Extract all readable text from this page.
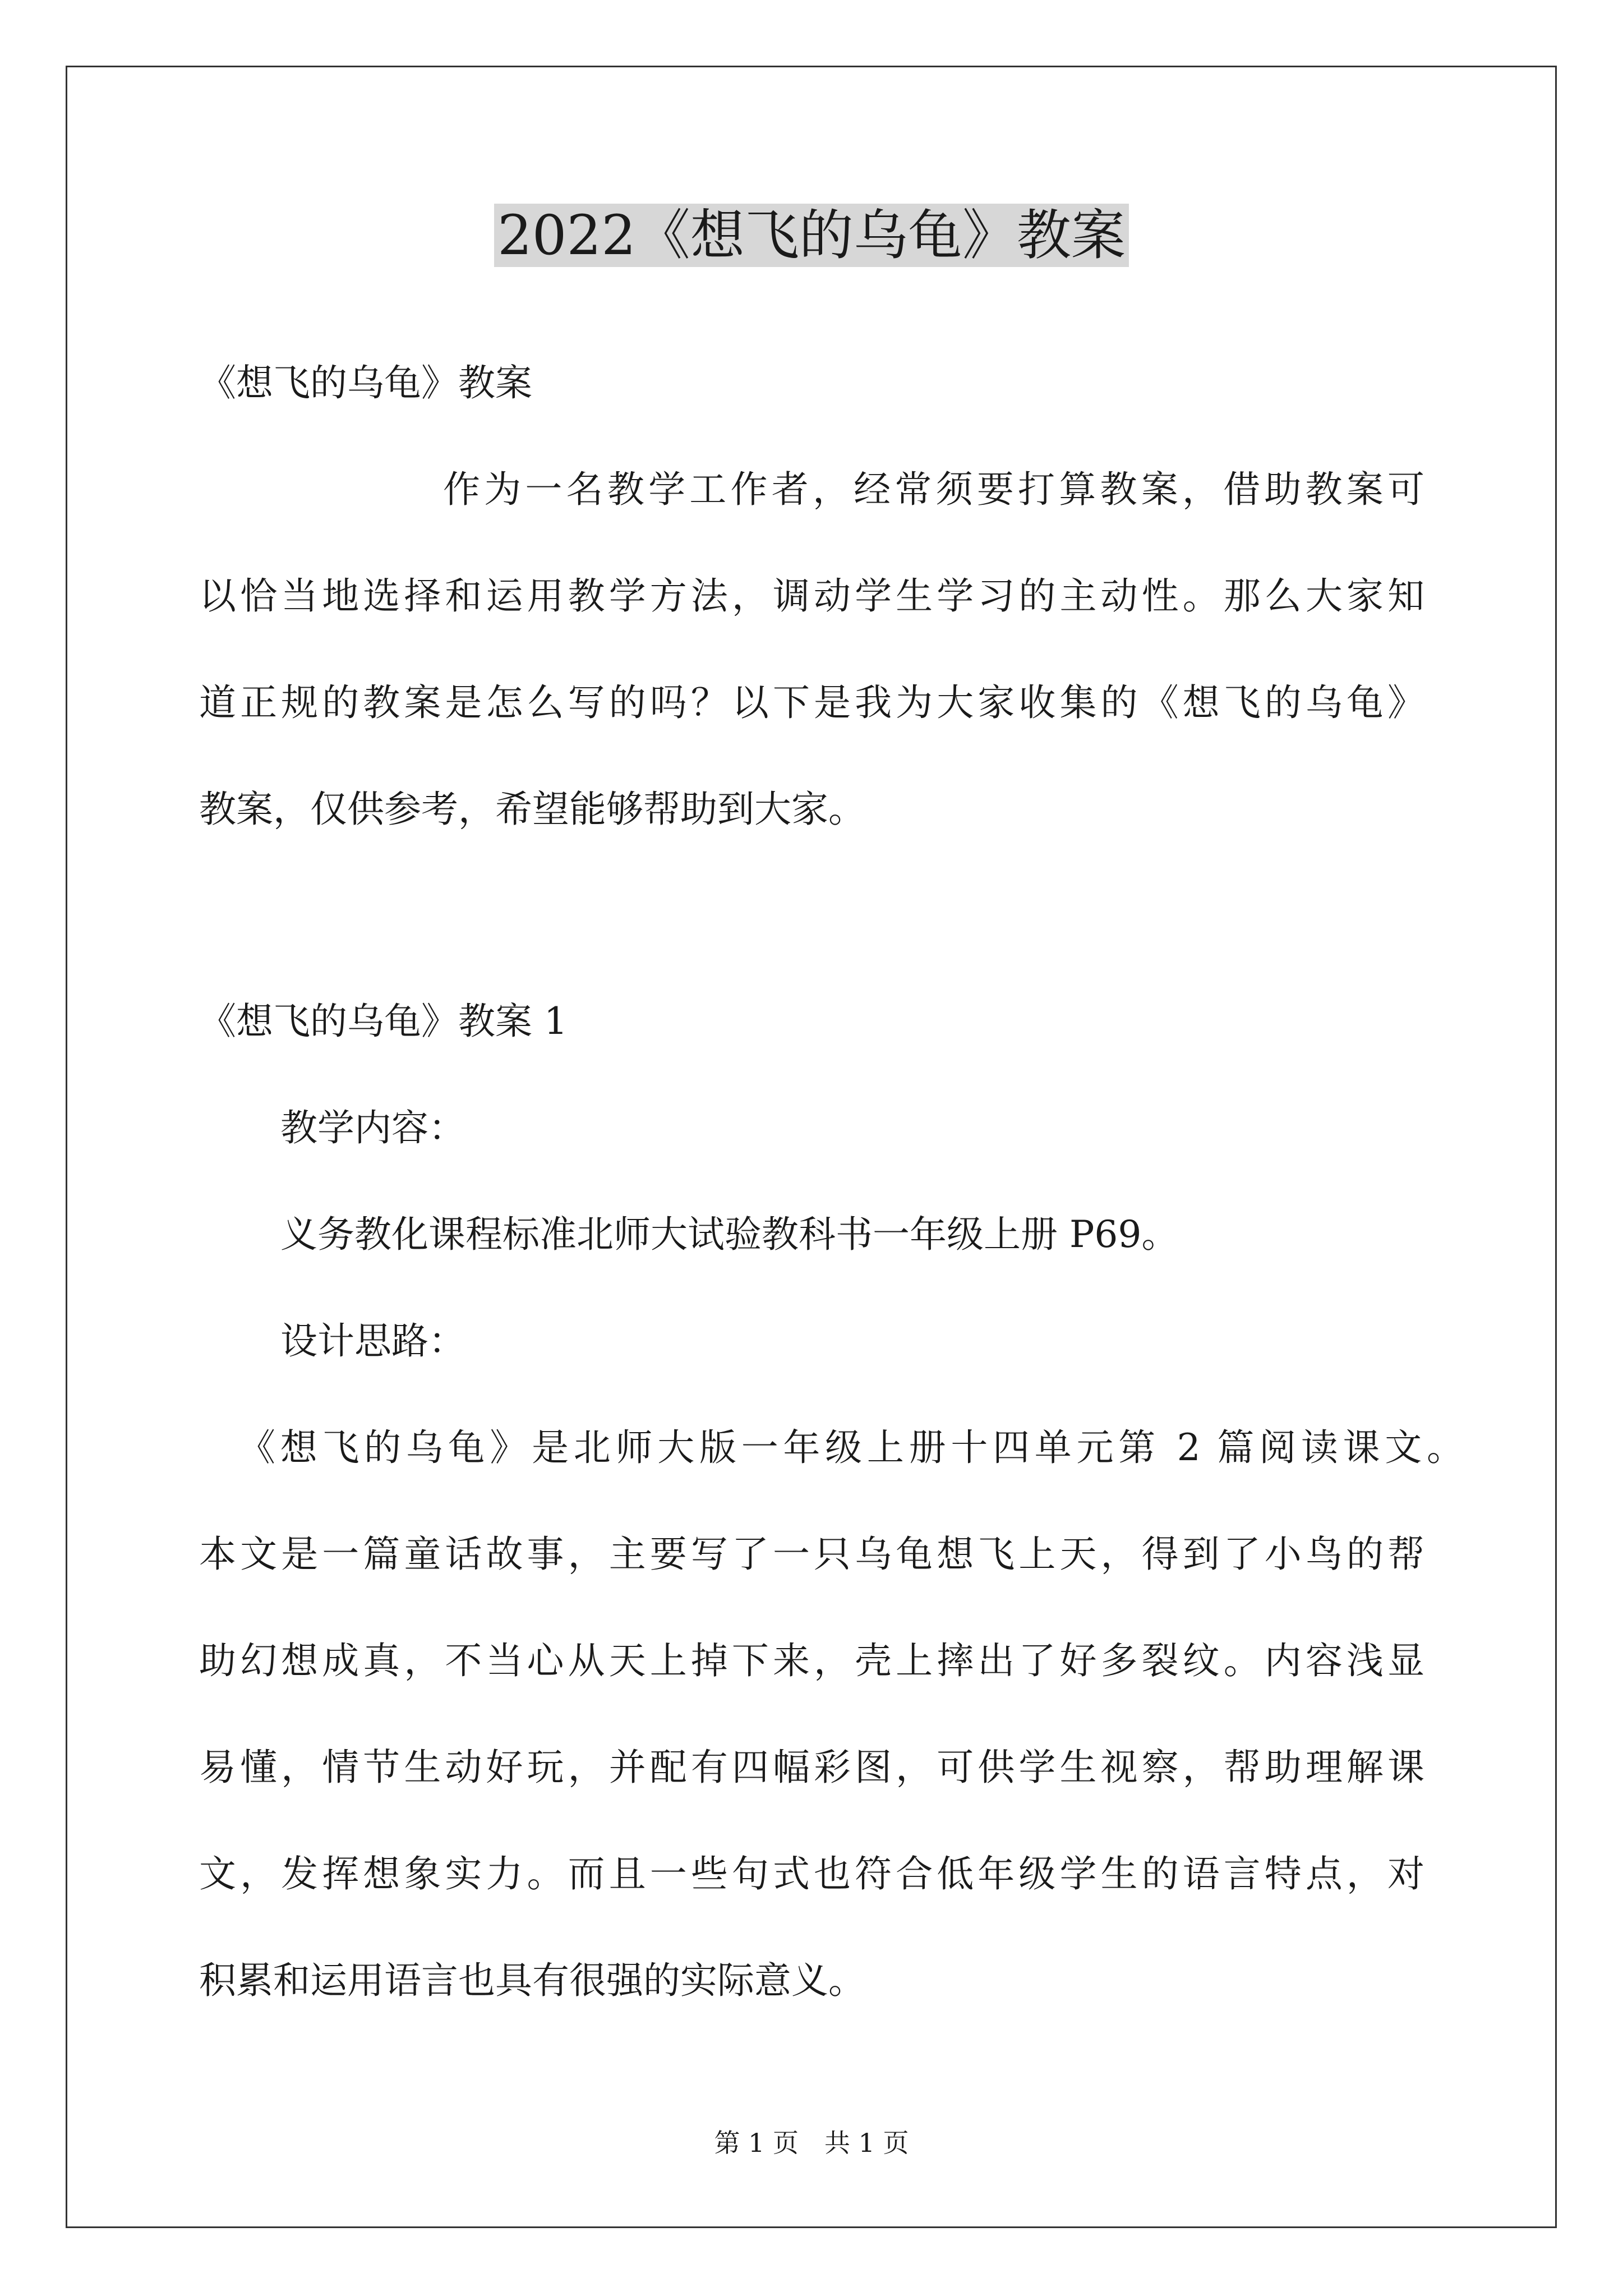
2022《想飞的乌龟》教案
《想飞的乌龟》教案
作为一名教学工作者，经常须要打算教案，借助教案可
以恰当地选择和运用教学方法，调动学生学习的主动性。那么大家知
道正规的教案是怎么写的吗？以下是我为大家收集的《想飞的乌龟》
教案，仅供参考，希望能够帮助到大家。
《想飞的乌龟》教案 1
教学内容：
义务教化课程标准北师大试验教科书一年级上册 P69。
设计思路：
《想飞的乌龟》是北师大版一年级上册十四单元第 2 篇阅读课文。
本文是一篇童话故事，主要写了一只乌龟想飞上天，得到了小鸟的帮
助幻想成真，不当心从天上掉下来，壳上摔出了好多裂纹。内容浅显
易懂，情节生动好玩，并配有四幅彩图，可供学生视察，帮助理解课
文，发挥想象实力。而且一些句式也符合低年级学生的语言特点，对
积累和运用语言也具有很强的实际意义。
第 1 页　共 1 页
